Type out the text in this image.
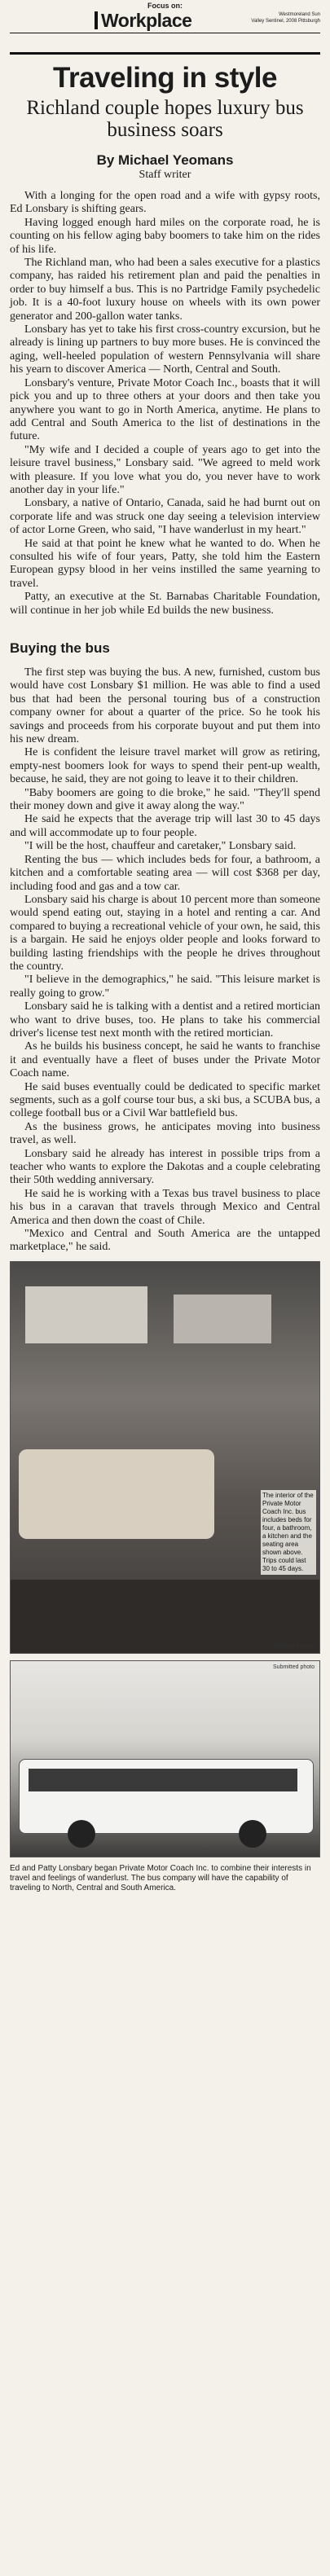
Focus on:
Workplace	Westmoreland Sun
Valley Sentinel, 2008 Pittsburgh
Traveling in style
Richland couple hopes luxury bus business soars
By Michael Yeomans
Staff writer

With a longing for the open road and a wife with gypsy roots, Ed Lonsbary is shifting gears.

Having logged enough hard miles on the corporate road, he is counting on his fellow aging baby boomers to take him on the rides of his life.

The Richland man, who had been a sales executive for a plastics company, has raided his retirement plan and paid the penalties in order to buy himself a bus. This is no Partridge Family psychedelic job. It is a 40-foot luxury house on wheels with its own power generator and 200-gallon water tanks.

Lonsbary has yet to take his first cross-country excursion, but he already is lining up partners to buy more buses. He is convinced the aging, well-heeled population of western Pennsylvania will share his yearn to discover America — North, Central and South.

Lonsbary's venture, Private Motor Coach Inc., boasts that it will pick you and up to three others at your doors and then take you anywhere you want to go in North America, anytime. He plans to add Central and South America to the list of destinations in the future.

"My wife and I decided a couple of years ago to get into the leisure travel business," Lonsbary said. "We agreed to meld work with pleasure. If you love what you do, you never have to work another day in your life."

Lonsbary, a native of Ontario, Canada, said he had burnt out on corporate life and was struck one day seeing a television interview of actor Lorne Green, who said, "I have wanderlust in my heart."

He said at that point he knew what he wanted to do. When he consulted his wife of four years, Patty, she told him the Eastern European gypsy blood in her veins instilled the same yearning to travel.

Patty, an executive at the St. Barnabas Charitable Foundation, will continue in her job while Ed builds the new business.

Buying the bus

The first step was buying the bus. A new, furnished, custom bus would have cost Lonsbary $1 million. He was able to find a used bus that had been the personal touring bus of a construction company owner for about a quarter of the price. So he took his savings and proceeds from his corporate buyout and put them into his new dream.

He is confident the leisure travel market will grow as retiring, empty-nest boomers look for ways to spend their pent-up wealth, because, he said, they are not going to leave it to their children.

"Baby boomers are going to die broke," he said. "They'll spend their money down and give it away along the way."

He said he expects that the average trip will last 30 to 45 days and will accommodate up to four people.

"I will be the host, chauffeur and caretaker," Lonsbary said.

Renting the bus — which includes beds for four, a bathroom, a kitchen and a comfortable seating area — will cost $368 per day, including food and gas and a tow car.

Lonsbary said his charge is about 10 percent more than someone would spend eating out, staying in a hotel and renting a car. And compared to buying a recreational vehicle of your own, he said, this is a bargain. He said he enjoys older people and looks forward to building lasting friendships with the people he drives throughout the country.

"I believe in the demographics," he said. "This leisure market is really going to grow."

Lonsbary said he is talking with a dentist and a retired mortician who want to drive buses, too. He plans to take his commercial driver's license test next month with the retired mortician.

As he builds his business concept, he said he wants to franchise it and eventually have a fleet of buses under the Private Motor Coach name.

He said buses eventually could be dedicated to specific market segments, such as a golf course tour bus, a ski bus, a SCUBA bus, a college football bus or a Civil War battlefield bus.

As the business grows, he anticipates moving into business travel, as well.

Lonsbary said he already has interest in possible trips from a teacher who wants to explore the Dakotas and a couple celebrating their 50th wedding anniversary.

He said he is working with a Texas bus travel business to place his bus in a caravan that travels through Mexico and Central America and then down the coast of Chile.

"Mexico and Central and South America are the untapped marketplace," he said.

The interior of the Private Motor Coach Inc. bus includes beds for four, a bathroom, a kitchen and the seating area shown above. Trips could last 30 to 45 days.
Submitted photo
Submitted photo
Ed and Patty Lonsbary began Private Motor Coach Inc. to combine their interests in travel and feelings of wanderlust. The bus company will have the capability of traveling to North, Central and South America.
